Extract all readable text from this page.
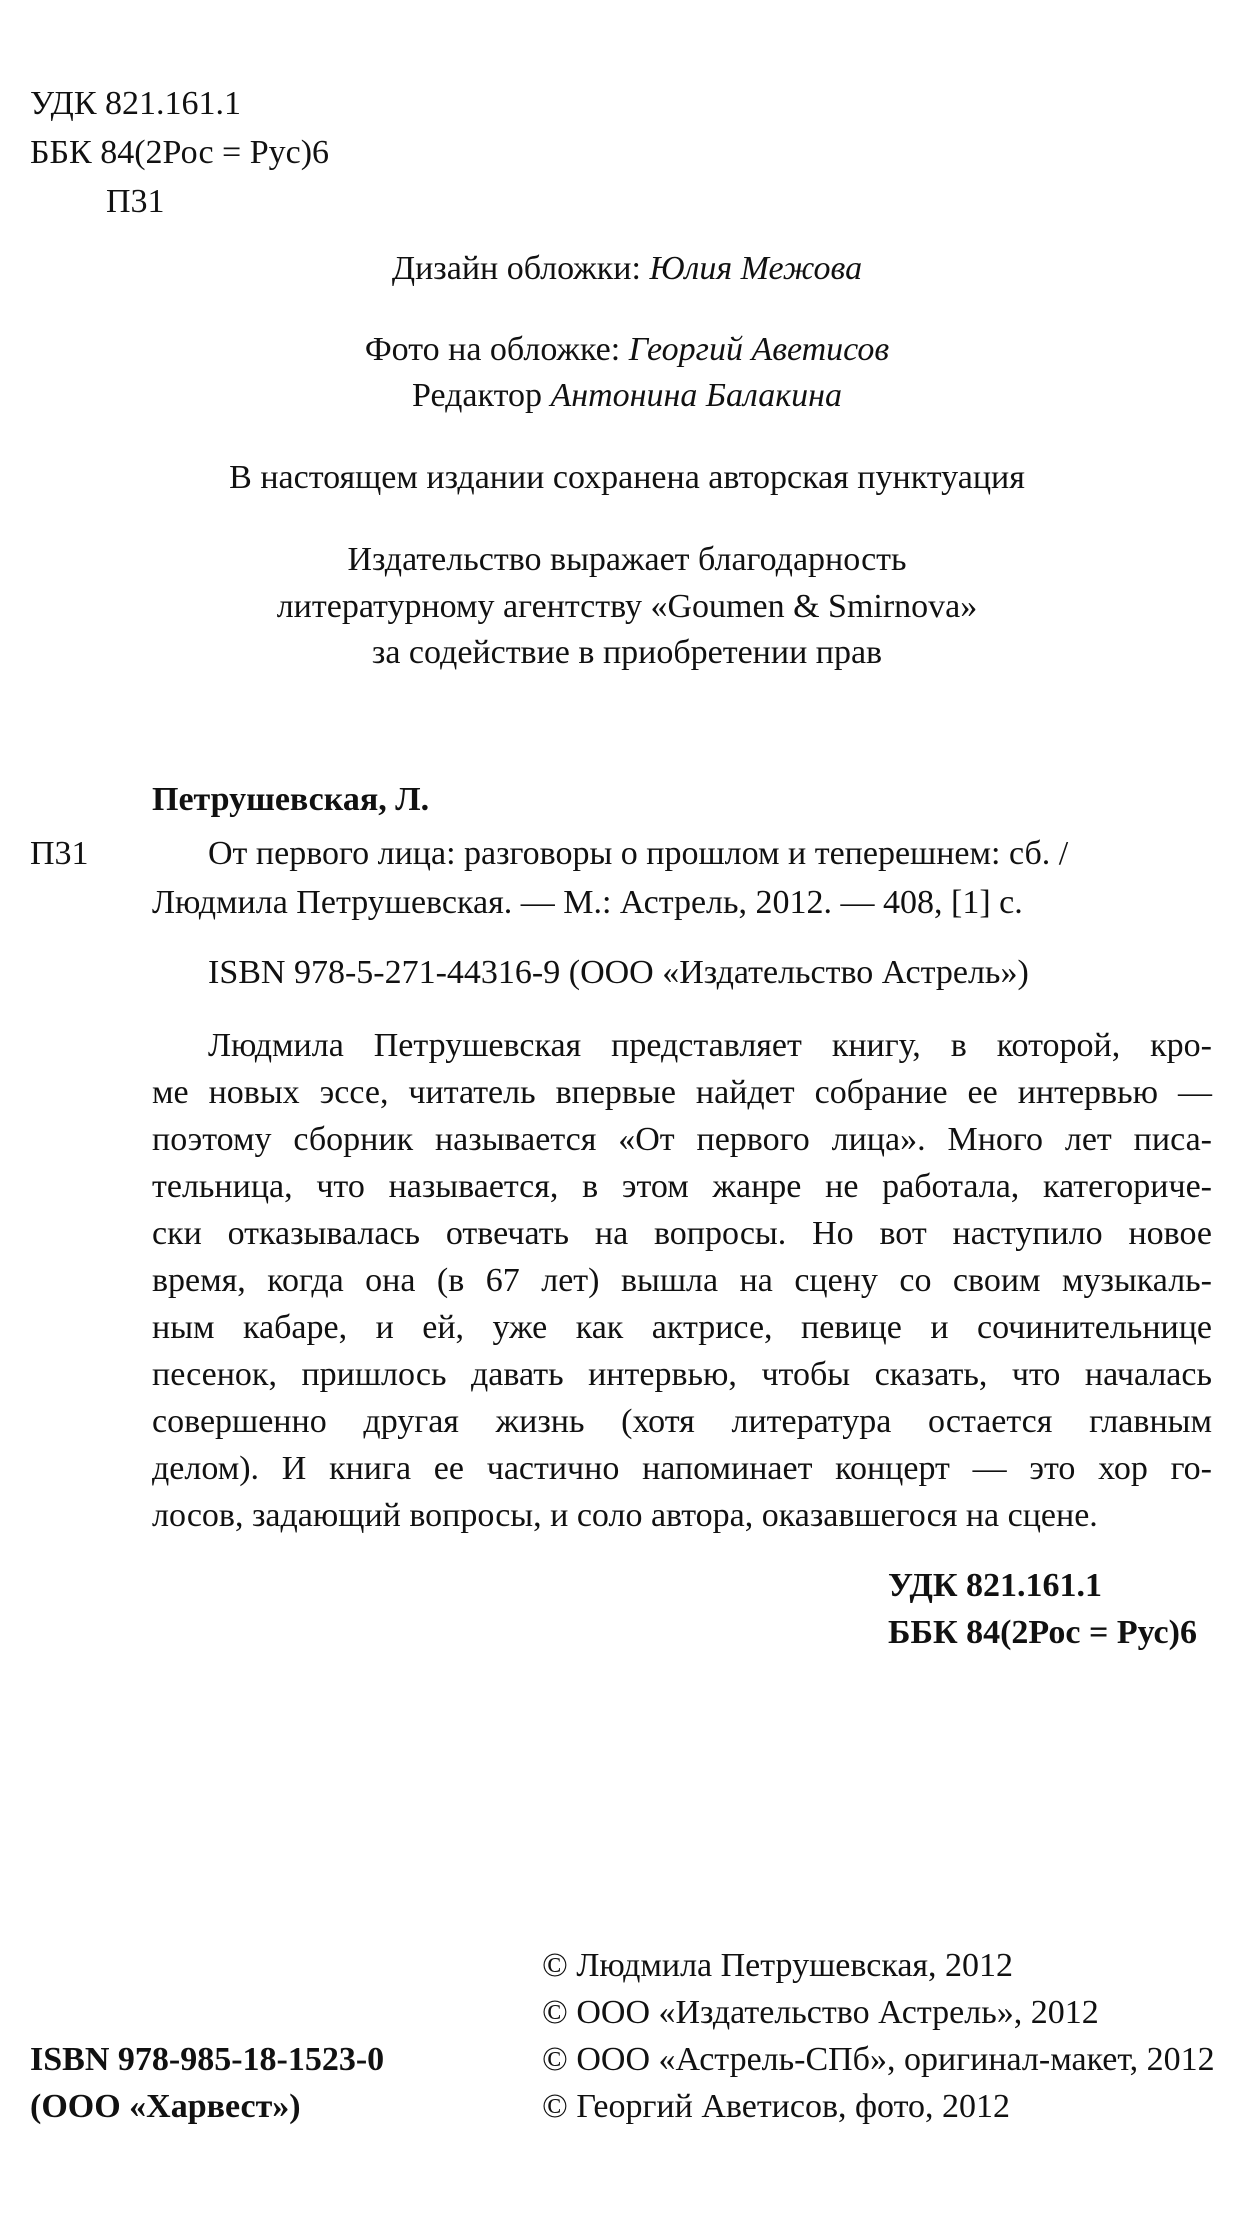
УДК 821.161.1
ББК 84(2Рос = Рус)6
П31
Дизайн обложки: Юлия Межова
Фото на обложке: Георгий Аветисов
Редактор Антонина Балакина
В настоящем издании сохранена авторская пунктуация
Издательство выражает благодарность
литературному агентству «Goumen & Smirnova»
за содействие в приобретении прав
Петрушевская, Л.
П31	От первого лица: разговоры о прошлом и теперешнем: сб. /
Людмила Петрушевская. — М.: Астрель, 2012. — 408, [1] с.
ISBN 978-5-271-44316-9 (ООО «Издательство Астрель»)
Людмила Петрушевская представляет книгу, в которой, кро-
ме новых эссе, читатель впервые найдет собрание ее интервью —
поэтому сборник называется «От первого лица». Много лет писа-
тельница, что называется, в этом жанре не работала, категориче-
ски отказывалась отвечать на вопросы. Но вот наступило новое
время, когда она (в 67 лет) вышла на сцену со своим музыкаль-
ным кабаре, и ей, уже как актрисе, певице и сочинительнице
песенок, пришлось давать интервью, чтобы сказать, что началась
совершенно другая жизнь (хотя литература остается главным
делом). И книга ее частично напоминает концерт — это хор го-
лосов, задающий вопросы, и соло автора, оказавшегося на сцене.
УДК 821.161.1
ББК 84(2Рос = Рус)6
ISBN 978-985-18-1523-0
(ООО «Харвест»)
© Людмила Петрушевская, 2012
© ООО «Издательство Астрель», 2012
© ООО «Астрель-СПб», оригинал-макет, 2012
© Георгий Аветисов, фото, 2012
